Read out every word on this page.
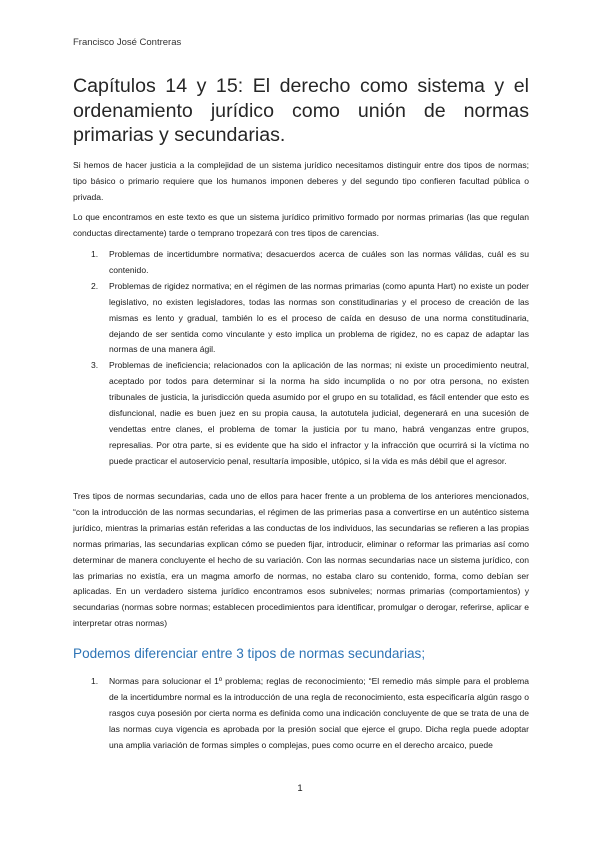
Francisco José Contreras
Capítulos 14 y 15: El derecho como sistema y el ordenamiento jurídico como unión de normas primarias y secundarias.

Si hemos de hacer justicia a la complejidad de un sistema jurídico necesitamos distinguir entre dos tipos de normas; tipo básico o primario requiere que los humanos imponen deberes y del segundo tipo confieren facultad pública o privada.

Lo que encontramos en este texto es que un sistema jurídico primitivo formado por normas primarias (las que regulan conductas directamente) tarde o temprano tropezará con tres tipos de carencias.

1. Problemas de incertidumbre normativa; desacuerdos acerca de cuáles son las normas válidas, cuál es su contenido.
2. Problemas de rigidez normativa; en el régimen de las normas primarias (como apunta Hart) no existe un poder legislativo, no existen legisladores, todas las normas son constitudinarias y el proceso de creación de las mismas es lento y gradual, también lo es el proceso de caída en desuso de una norma constitudinaria, dejando de ser sentida como vinculante y esto implica un problema de rigidez, no es capaz de adaptar las normas de una manera ágil.
3. Problemas de ineficiencia; relacionados con la aplicación de las normas; ni existe un procedimiento neutral, aceptado por todos para determinar si la norma ha sido incumplida o no por otra persona, no existen tribunales de justicia, la jurisdicción queda asumido por el grupo en su totalidad, es fácil entender que esto es disfuncional, nadie es buen juez en su propia causa, la autotutela judicial, degenerará en una sucesión de vendettas entre clanes, el problema de tomar la justicia por tu mano, habrá venganzas entre grupos, represalias. Por otra parte, si es evidente que ha sido el infractor y la infracción que ocurrirá si la víctima no puede practicar el autoservicio penal, resultaría imposible, utópico, si la vida es más débil que el agresor.

Tres tipos de normas secundarias, cada uno de ellos para hacer frente a un problema de los anteriores mencionados, “con la introducción de las normas secundarias, el régimen de las primerias pasa a convertirse en un auténtico sistema jurídico, mientras la primarias están referidas a las conductas de los individuos, las secundarias se refieren a las propias normas primarias, las secundarias explican cómo se pueden fijar, introducir, eliminar o reformar las primarias así como determinar de manera concluyente el hecho de su variación. Con las normas secundarias nace un sistema jurídico, con las primarias no existía, era un magma amorfo de normas, no estaba claro su contenido, forma, como debían ser aplicadas. En un verdadero sistema jurídico encontramos esos subniveles; normas primarias (comportamientos) y secundarias (normas sobre normas; establecen procedimientos para identificar, promulgar o derogar, referirse, aplicar e interpretar otras normas)

Podemos diferenciar entre 3 tipos de normas secundarias;
1. Normas para solucionar el 1º problema; reglas de reconocimiento; “El remedio más simple para el problema de la incertidumbre normal es la introducción de una regla de reconocimiento, esta especificaría algún rasgo o rasgos cuya posesión por cierta norma es definida como una indicación concluyente de que se trata de una de las normas cuya vigencia es aprobada por la presión social que ejerce el grupo. Dicha regla puede adoptar una amplia variación de formas simples o complejas, pues como ocurre en el derecho arcaico, puede
1
